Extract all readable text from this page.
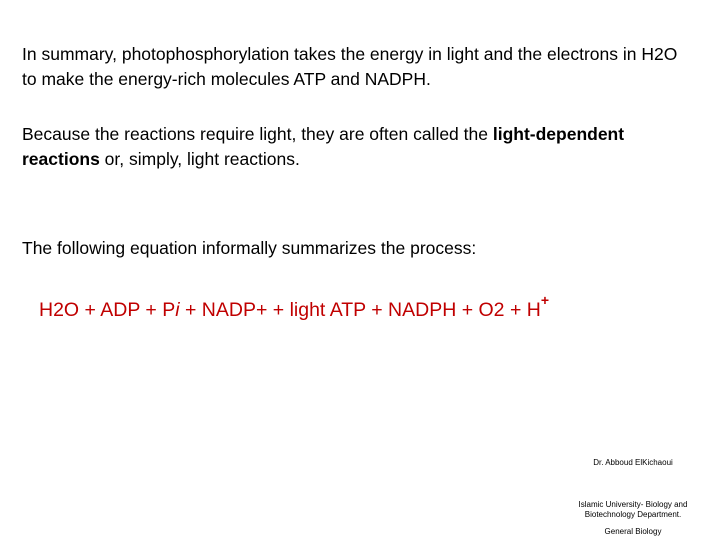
In summary, photophosphorylation takes the energy in light and the electrons in H2O to make the energy-rich molecules ATP and NADPH.

Because the reactions require light, they are often called the light-dependent reactions or, simply, light reactions.

The following equation informally summarizes the process:

H2O + ADP + Pi + NADP+ + light ATP + NADPH + O2 + H+
Dr. Abboud ElKichaoui
Islamic University- Biology and Biotechnology Department.
General Biology
